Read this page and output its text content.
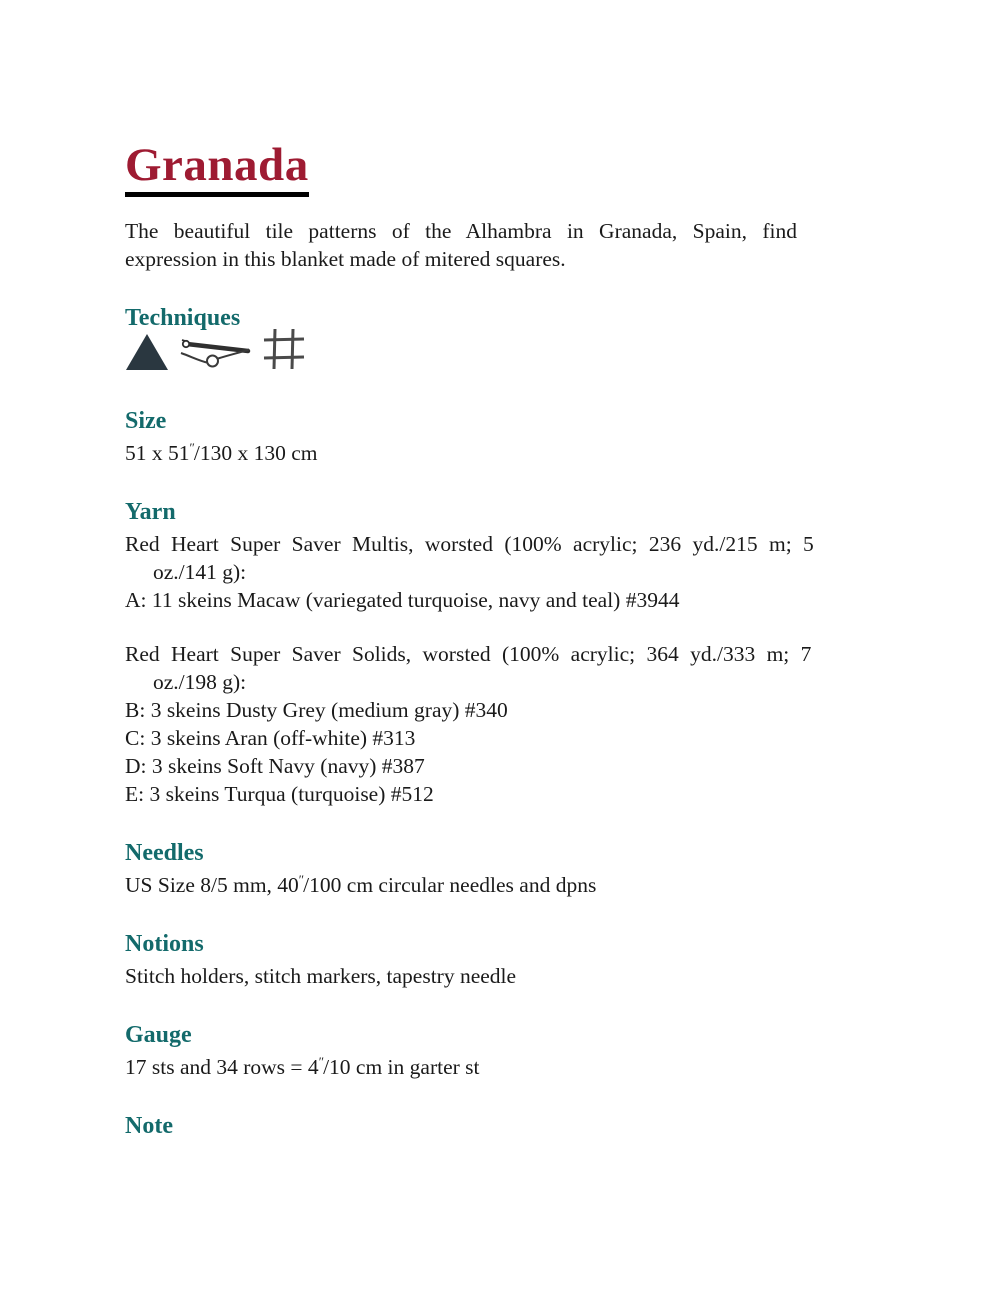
Granada

The beautiful tile patterns of the Alhambra in Granada, Spain, find
expression in this blanket made of mitered squares.

Techniques
Size

51 x 51″/130 x 130 cm

Yarn

Red Heart Super Saver Multis, worsted (100% acrylic; 236 yd./215 m; 5
oz./141 g):
A: 11 skeins Macaw (variegated turquoise, navy and teal) #3944

Red Heart Super Saver Solids, worsted (100% acrylic; 364 yd./333 m; 7
oz./198 g):
B: 3 skeins Dusty Grey (medium gray) #340
C: 3 skeins Aran (off-white) #313
D: 3 skeins Soft Navy (navy) #387
E: 3 skeins Turqua (turquoise) #512

Needles

US Size 8/5 mm, 40″/100 cm circular needles and dpns

Notions

Stitch holders, stitch markers, tapestry needle

Gauge

17 sts and 34 rows = 4″/10 cm in garter st

Note
